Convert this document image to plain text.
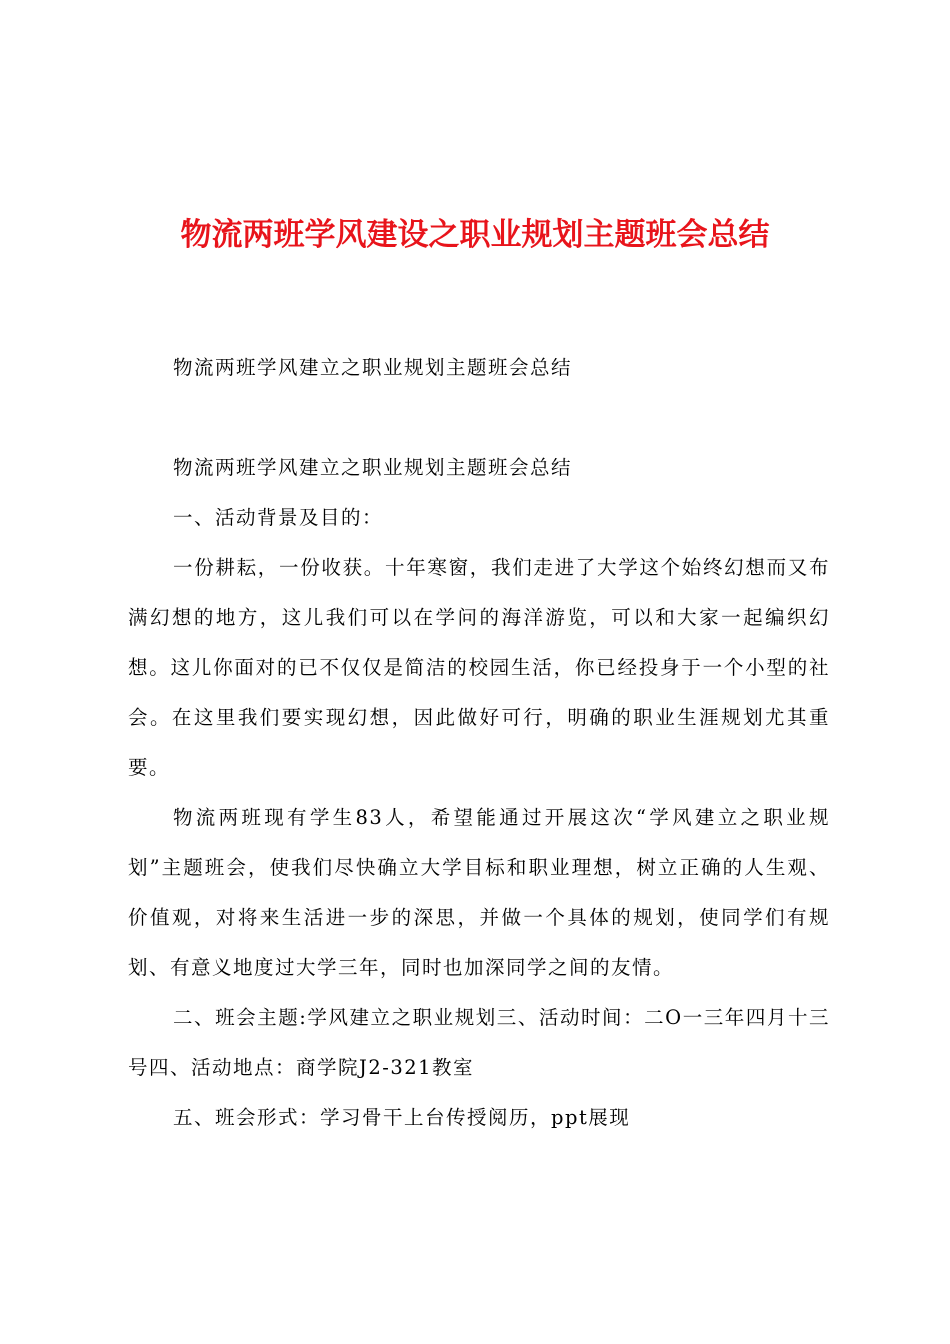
物流两班学风建设之职业规划主题班会总结

物流两班学风建立之职业规划主题班会总结

物流两班学风建立之职业规划主题班会总结

一、活动背景及目的：

一份耕耘，一份收获。十年寒窗，我们走进了大学这个始终幻想而又布满幻想的地方，这儿我们可以在学问的海洋游览，可以和大家一起编织幻想。这儿你面对的已不仅仅是简洁的校园生活，你已经投身于一个小型的社会。在这里我们要实现幻想，因此做好可行，明确的职业生涯规划尤其重要。

物流两班现有学生83人，希望能通过开展这次“学风建立之职业规划”主题班会，使我们尽快确立大学目标和职业理想，树立正确的人生观、价值观，对将来生活进一步的深思，并做一个具体的规划，使同学们有规划、有意义地度过大学三年，同时也加深同学之间的友情。

二、班会主题:学风建立之职业规划三、活动时间：二O一三年四月十三号四、活动地点：商学院J2-321教室

五、班会形式：学习骨干上台传授阅历，ppt展现
